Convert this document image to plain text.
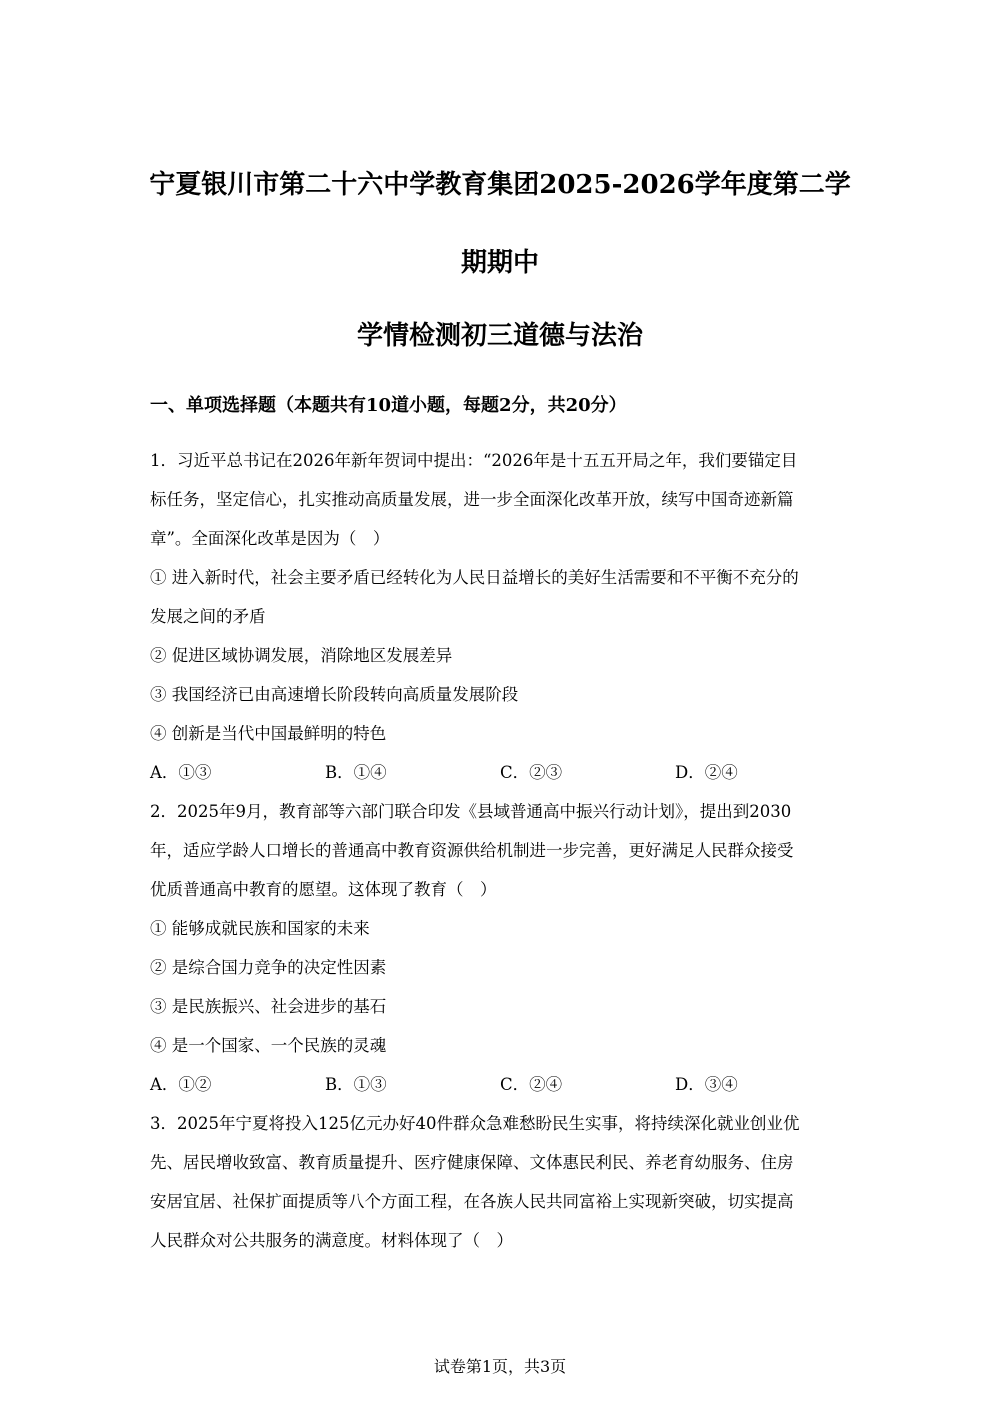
宁夏银川市第二十六中学教育集团2025-2026学年度第二学
期期中
学情检测初三道德与法治
一、单项选择题（本题共有10道小题，每题2分，共20分）
1．习近平总书记在2026年新年贺词中提出：“2026年是十五五开局之年，我们要锚定目
标任务，坚定信心，扎实推动高质量发展，进一步全面深化改革开放，续写中国奇迹新篇
章”。全面深化改革是因为（　）
① 进入新时代，社会主要矛盾已经转化为人民日益增长的美好生活需要和不平衡不充分的
发展之间的矛盾
② 促进区域协调发展，消除地区发展差异
③ 我国经济已由高速增长阶段转向高质量发展阶段
④ 创新是当代中国最鲜明的特色
A．①③	B．①④	C．②③	D．②④
2．2025年9月，教育部等六部门联合印发《县域普通高中振兴行动计划》，提出到2030
年，适应学龄人口增长的普通高中教育资源供给机制进一步完善，更好满足人民群众接受
优质普通高中教育的愿望。这体现了教育（　）
① 能够成就民族和国家的未来
② 是综合国力竞争的决定性因素
③ 是民族振兴、社会进步的基石
④ 是一个国家、一个民族的灵魂
A．①②	B．①③	C．②④	D．③④
3．2025年宁夏将投入125亿元办好40件群众急难愁盼民生实事，将持续深化就业创业优
先、居民增收致富、教育质量提升、医疗健康保障、文体惠民利民、养老育幼服务、住房
安居宜居、社保扩面提质等八个方面工程，在各族人民共同富裕上实现新突破，切实提高
人民群众对公共服务的满意度。材料体现了（　）
试卷第1页，共3页
